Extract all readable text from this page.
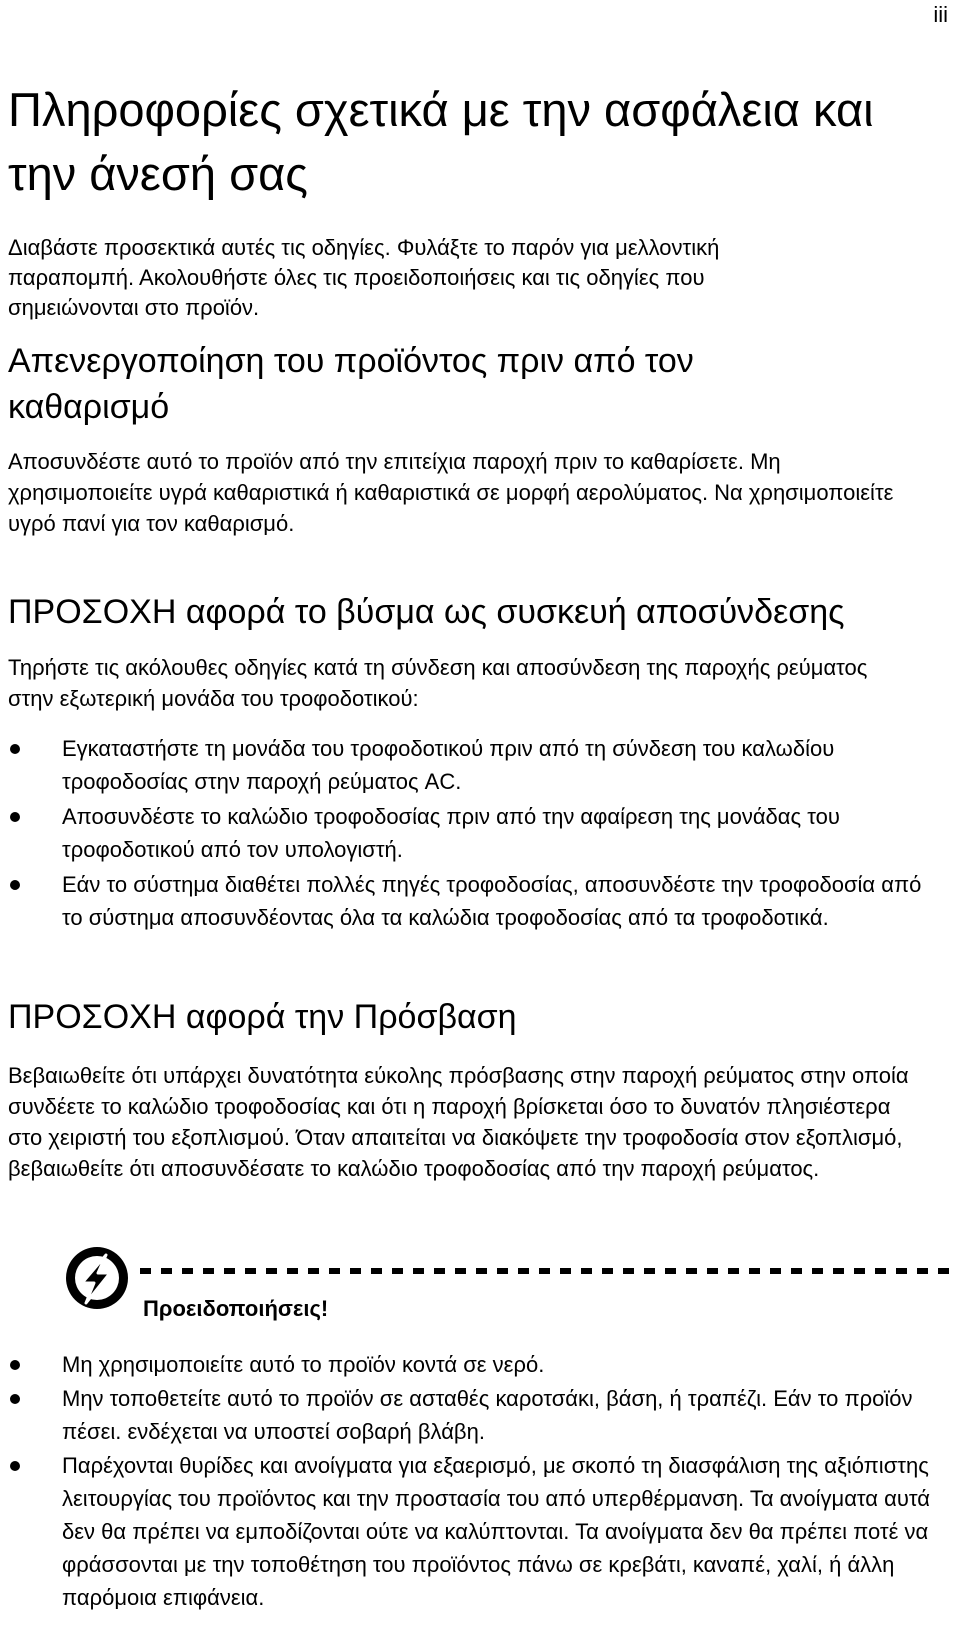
iii
Πληροφορίες σχετικά με την ασφάλεια και την άνεσή σας

Διαβάστε προσεκτικά αυτές τις οδηγίες. Φυλάξτε το παρόν για μελλοντική παραπομπή. Ακολουθήστε όλες τις προειδοποιήσεις και τις οδηγίες που σημειώνονται στο προϊόν.

Απενεργοποίηση του προϊόντος πριν από τον καθαρισμό

Αποσυνδέστε αυτό το προϊόν από την επιτείχια παροχή πριν το καθαρίσετε. Μη χρησιμοποιείτε υγρά καθαριστικά ή καθαριστικά σε μορφή αερολύματος. Να χρησιμοποιείτε υγρό πανί για τον καθαρισμό.

ΠΡΟΣΟΧΗ αφορά το βύσμα ως συσκευή αποσύνδεσης

Τηρήστε τις ακόλουθες οδηγίες κατά τη σύνδεση και αποσύνδεση της παροχής ρεύματος στην εξωτερική μονάδα του τροφοδοτικού:

Εγκαταστήστε τη μονάδα του τροφοδοτικού πριν από τη σύνδεση του καλωδίου τροφοδοσίας στην παροχή ρεύματος AC.
Αποσυνδέστε το καλώδιο τροφοδοσίας πριν από την αφαίρεση της μονάδας του τροφοδοτικού από τον υπολογιστή.
Εάν το σύστημα διαθέτει πολλές πηγές τροφοδοσίας, αποσυνδέστε την τροφοδοσία από το σύστημα αποσυνδέοντας όλα τα καλώδια τροφοδοσίας από τα τροφοδοτικά.
ΠΡΟΣΟΧΗ αφορά την Πρόσβαση

Βεβαιωθείτε ότι υπάρχει δυνατότητα εύκολης πρόσβασης στην παροχή ρεύματος στην οποία συνδέετε το καλώδιο τροφοδοσίας και ότι η παροχή βρίσκεται όσο το δυνατόν πλησιέστερα στο χειριστή του εξοπλισμού. Όταν απαιτείται να διακόψετε την τροφοδοσία στον εξοπλισμό, βεβαιωθείτε ότι αποσυνδέσατε το καλώδιο τροφοδοσίας από την παροχή ρεύματος.

Προειδοποιήσεις!
Μη χρησιμοποιείτε αυτό το προϊόν κοντά σε νερό.
Μην τοποθετείτε αυτό το προϊόν σε ασταθές καροτσάκι, βάση, ή τραπέζι. Εάν το προϊόν πέσει. ενδέχεται να υποστεί σοβαρή βλάβη.
Παρέχονται θυρίδες και ανοίγματα για εξαερισμό, με σκοπό τη διασφάλιση της αξιόπιστης λειτουργίας του προϊόντος και την προστασία του από υπερθέρμανση. Τα ανοίγματα αυτά δεν θα πρέπει να εμποδίζονται ούτε να καλύπτονται. Τα ανοίγματα δεν θα πρέπει ποτέ να φράσσονται με την τοποθέτηση του προϊόντος πάνω σε κρεβάτι, καναπέ, χαλί, ή άλλη παρόμοια επιφάνεια.
